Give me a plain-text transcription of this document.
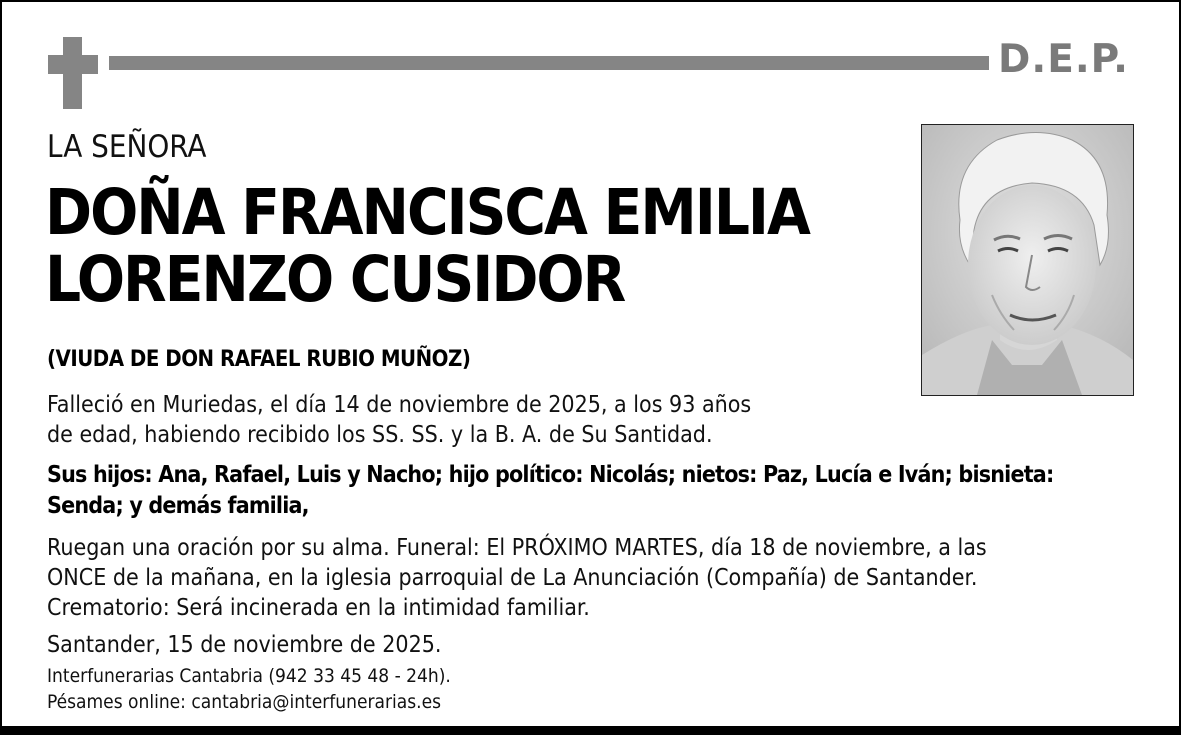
D.E.P.
LA SEÑORA
DOÑA FRANCISCA EMILIA
LORENZO CUSIDOR
(VIUDA DE DON RAFAEL RUBIO MUÑOZ)
Falleció en Muriedas, el día 14 de noviembre de 2025, a los 93 años
de edad, habiendo recibido los SS. SS. y la B. A. de Su Santidad.
Sus hijos: Ana, Rafael, Luis y Nacho; hijo político: Nicolás; nietos: Paz, Lucía e Iván; bisnieta:
Senda; y demás familia,
Ruegan una oración por su alma. Funeral: El PRÓXIMO MARTES, día 18 de noviembre, a las
ONCE de la mañana, en la iglesia parroquial de La Anunciación (Compañía) de Santander.
Crematorio: Será incinerada en la intimidad familiar.
Santander, 15 de noviembre de 2025.
Interfunerarias Cantabria (942 33 45 48 - 24h).
Pésames online: cantabria@interfunerarias.es
